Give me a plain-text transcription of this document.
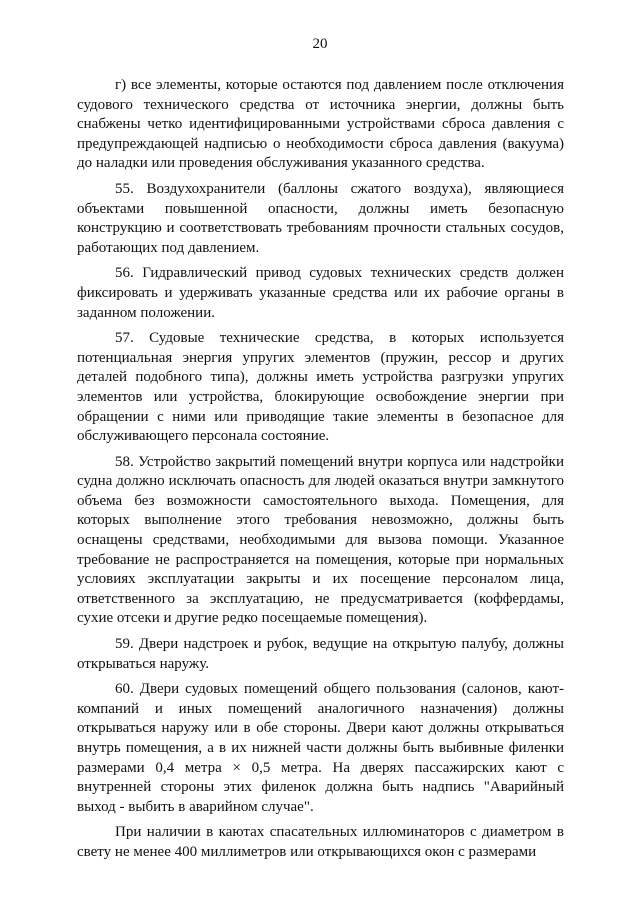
20

г) все элементы, которые остаются под давлением после отключения судового технического средства от источника энергии, должны быть снабжены четко идентифицированными устройствами сброса давления с предупреждающей надписью о необходимости сброса давления (вакуума) до наладки или проведения обслуживания указанного средства.

55. Воздухохранители (баллоны сжатого воздуха), являющиеся объектами повышенной опасности, должны иметь безопасную конструкцию и соответствовать требованиям прочности стальных сосудов, работающих под давлением.

56. Гидравлический привод судовых технических средств должен фиксировать и удерживать указанные средства или их рабочие органы в заданном положении.

57. Судовые технические средства, в которых используется потенциальная энергия упругих элементов (пружин, рессор и других деталей подобного типа), должны иметь устройства разгрузки упругих элементов или устройства, блокирующие освобождение энергии при обращении с ними или приводящие такие элементы в безопасное для обслуживающего персонала состояние.

58. Устройство закрытий помещений внутри корпуса или надстройки судна должно исключать опасность для людей оказаться внутри замкнутого объема без возможности самостоятельного выхода. Помещения, для которых выполнение этого требования невозможно, должны быть оснащены средствами, необходимыми для вызова помощи. Указанное требование не распространяется на помещения, которые при нормальных условиях эксплуатации закрыты и их посещение персоналом лица, ответственного за эксплуатацию, не предусматривается (коффердамы, сухие отсеки и другие редко посещаемые помещения).

59. Двери надстроек и рубок, ведущие на открытую палубу, должны открываться наружу.

60. Двери судовых помещений общего пользования (салонов, кают-компаний и иных помещений аналогичного назначения) должны открываться наружу или в обе стороны. Двери кают должны открываться внутрь помещения, а в их нижней части должны быть выбивные филенки размерами 0,4 метра × 0,5 метра. На дверях пассажирских кают с внутренней стороны этих филенок должна быть надпись "Аварийный выход - выбить в аварийном случае".

При наличии в каютах спасательных иллюминаторов с диаметром в свету не менее 400 миллиметров или открывающихся окон с размерами
